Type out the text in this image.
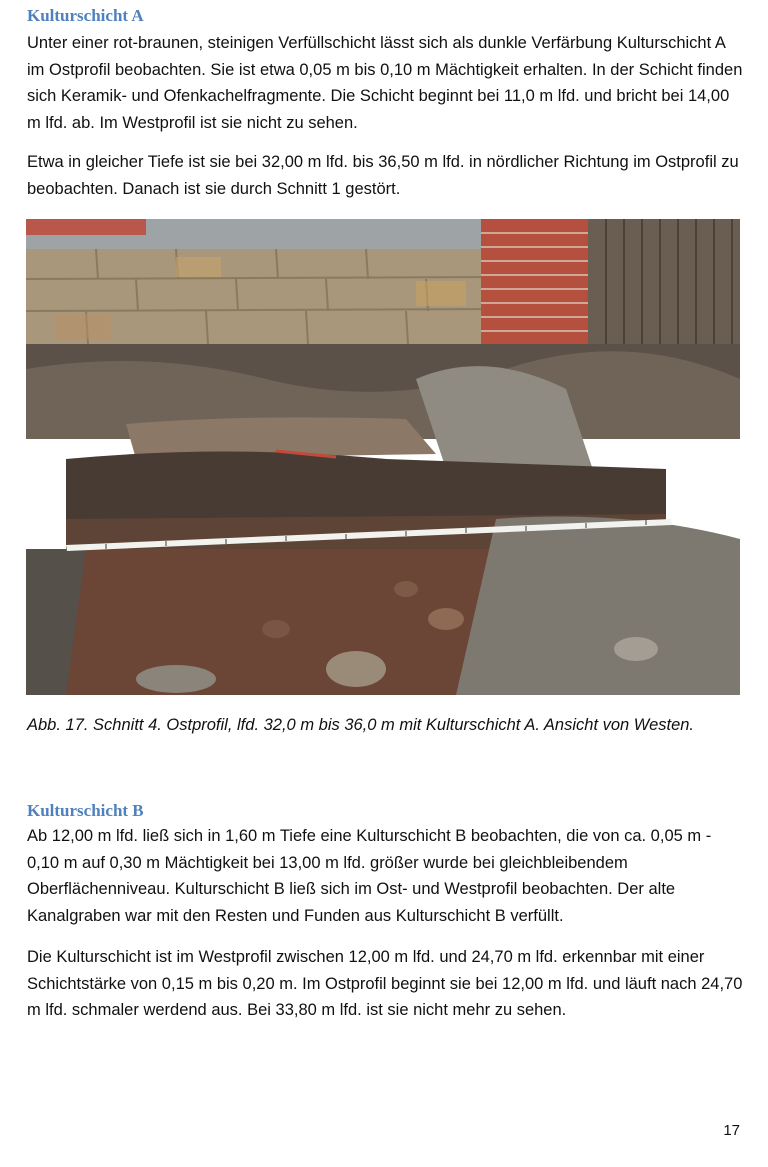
Kulturschicht A

Unter einer rot-braunen, steinigen Verfüllschicht lässt sich als dunkle Verfärbung Kulturschicht A im Ostprofil beobachten. Sie ist etwa 0,05 m bis 0,10 m Mächtigkeit erhalten. In der Schicht finden sich Keramik- und Ofenkachelfragmente. Die Schicht beginnt bei 11,0 m lfd. und bricht bei 14,00 m lfd. ab. Im Westprofil ist sie nicht zu sehen.

Etwa in gleicher Tiefe ist sie bei 32,00 m lfd. bis 36,50 m lfd. in nördlicher Richtung im Ostprofil zu beobachten. Danach ist sie durch Schnitt 1 gestört.

Abb. 17. Schnitt 4. Ostprofil, lfd. 32,0 m bis 36,0 m mit Kulturschicht A. Ansicht von Westen.

Kulturschicht B

Ab 12,00 m lfd. ließ sich in 1,60 m Tiefe eine Kulturschicht B beobachten, die von ca. 0,05 m - 0,10 m auf 0,30 m Mächtigkeit bei 13,00 m lfd. größer wurde bei gleichbleibendem Oberflächenniveau. Kulturschicht B ließ sich im Ost- und Westprofil beobachten. Der alte Kanalgraben war mit den Resten und Funden aus Kulturschicht B verfüllt.

Die Kulturschicht ist im Westprofil zwischen 12,00 m lfd. und 24,70 m lfd. erkennbar mit einer Schichtstärke von 0,15 m bis 0,20 m. Im Ostprofil beginnt sie bei 12,00 m lfd. und läuft nach 24,70 m lfd. schmaler werdend aus. Bei 33,80 m lfd. ist sie nicht mehr zu sehen.

17
